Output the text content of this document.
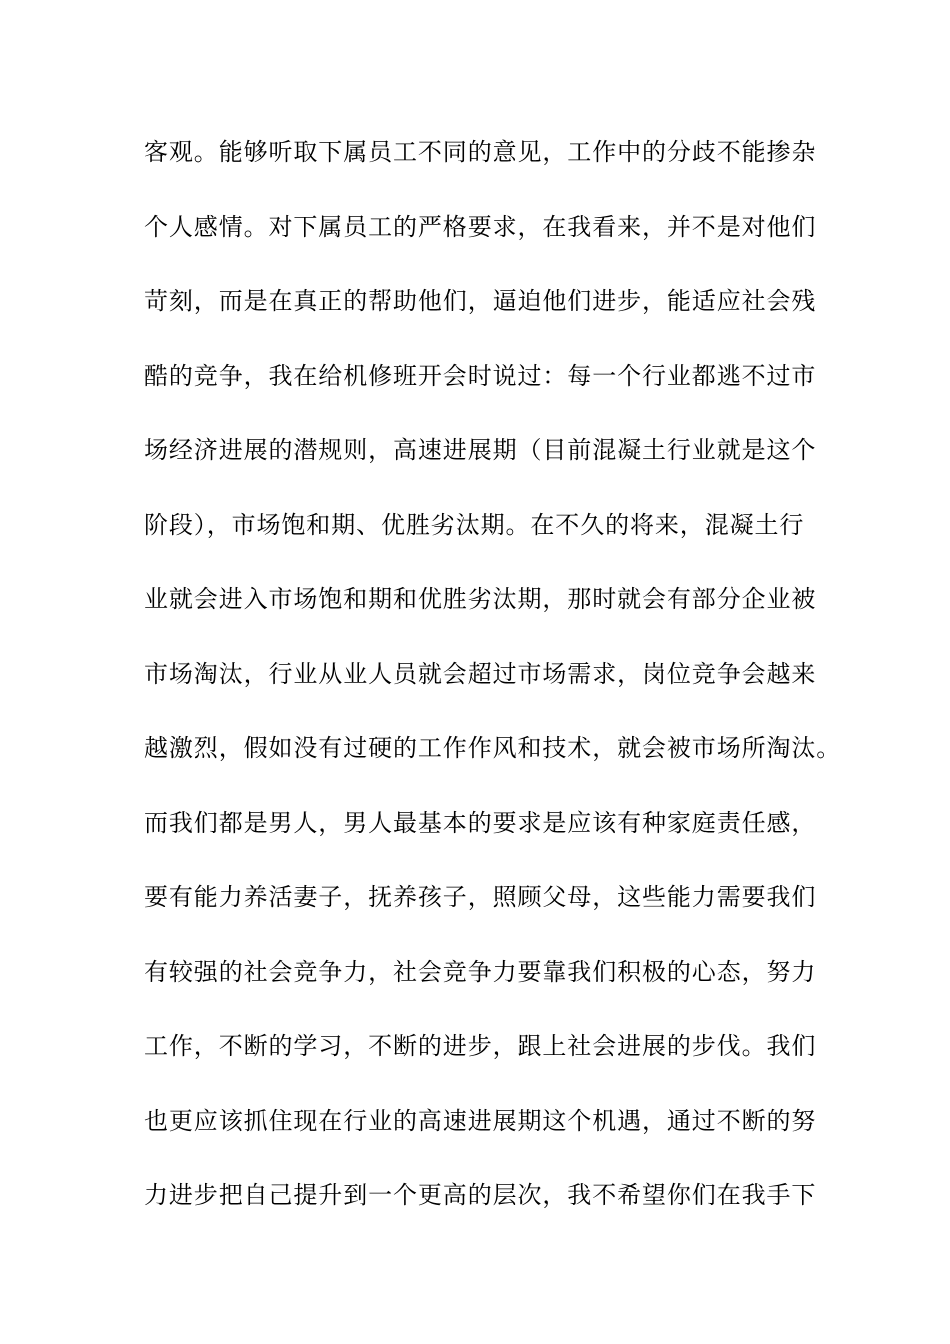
客观。能够听取下属员工不同的意见，工作中的分歧不能掺杂
个人感情。对下属员工的严格要求，在我看来，并不是对他们
苛刻，而是在真正的帮助他们，逼迫他们进步，能适应社会残
酷的竞争，我在给机修班开会时说过：每一个行业都逃不过市
场经济进展的潜规则，高速进展期（目前混凝土行业就是这个
阶段），市场饱和期、优胜劣汰期。在不久的将来，混凝土行
业就会进入市场饱和期和优胜劣汰期，那时就会有部分企业被
市场淘汰，行业从业人员就会超过市场需求，岗位竞争会越来
越激烈，假如没有过硬的工作作风和技术，就会被市场所淘汰。
而我们都是男人，男人最基本的要求是应该有种家庭责任感，
要有能力养活妻子，抚养孩子，照顾父母，这些能力需要我们
有较强的社会竞争力，社会竞争力要靠我们积极的心态，努力
工作，不断的学习，不断的进步，跟上社会进展的步伐。我们
也更应该抓住现在行业的高速进展期这个机遇，通过不断的努
力进步把自己提升到一个更高的层次，我不希望你们在我手下
